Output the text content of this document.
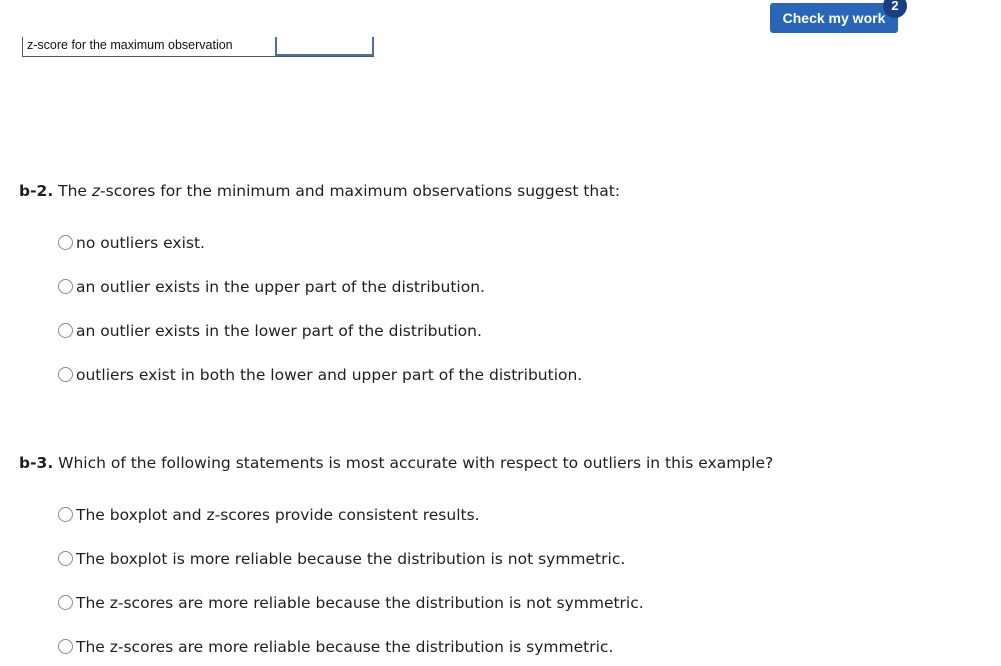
Check my work
2
z-score for the maximum observation
b-2. The z-scores for the minimum and maximum observations suggest that:
no outliers exist.
an outlier exists in the upper part of the distribution.
an outlier exists in the lower part of the distribution.
outliers exist in both the lower and upper part of the distribution.
b-3. Which of the following statements is most accurate with respect to outliers in this example?
The boxplot and z-scores provide consistent results.
The boxplot is more reliable because the distribution is not symmetric.
The z-scores are more reliable because the distribution is not symmetric.
The z-scores are more reliable because the distribution is symmetric.
